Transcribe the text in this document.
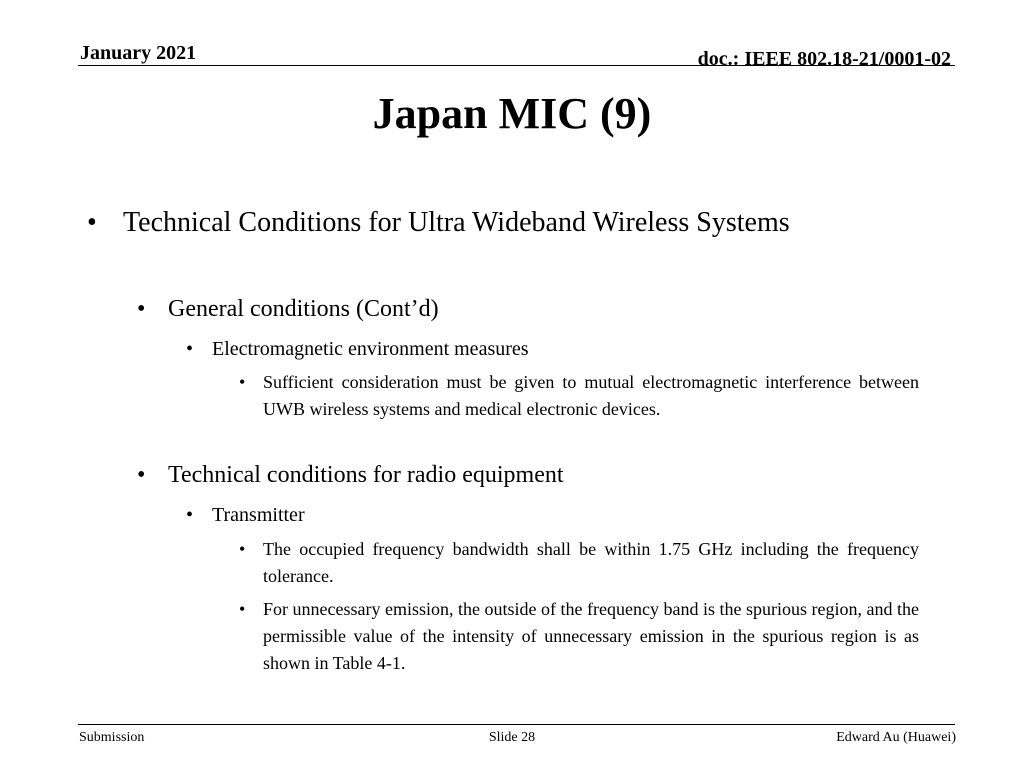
January 2021	doc.: IEEE 802.18-21/0001-02
Japan MIC (9)
• Technical Conditions for Ultra Wideband Wireless Systems
• General conditions (Cont’d)
• Electromagnetic environment measures
• Sufficient consideration must be given to mutual electromagnetic interference between UWB wireless systems and medical electronic devices.
• Technical conditions for radio equipment
• Transmitter
• The occupied frequency bandwidth shall be within 1.75 GHz including the frequency tolerance.
• For unnecessary emission, the outside of the frequency band is the spurious region, and the permissible value of the intensity of unnecessary emission in the spurious region is as shown in Table 4-1.
Submission	Slide 28	Edward Au (Huawei)
